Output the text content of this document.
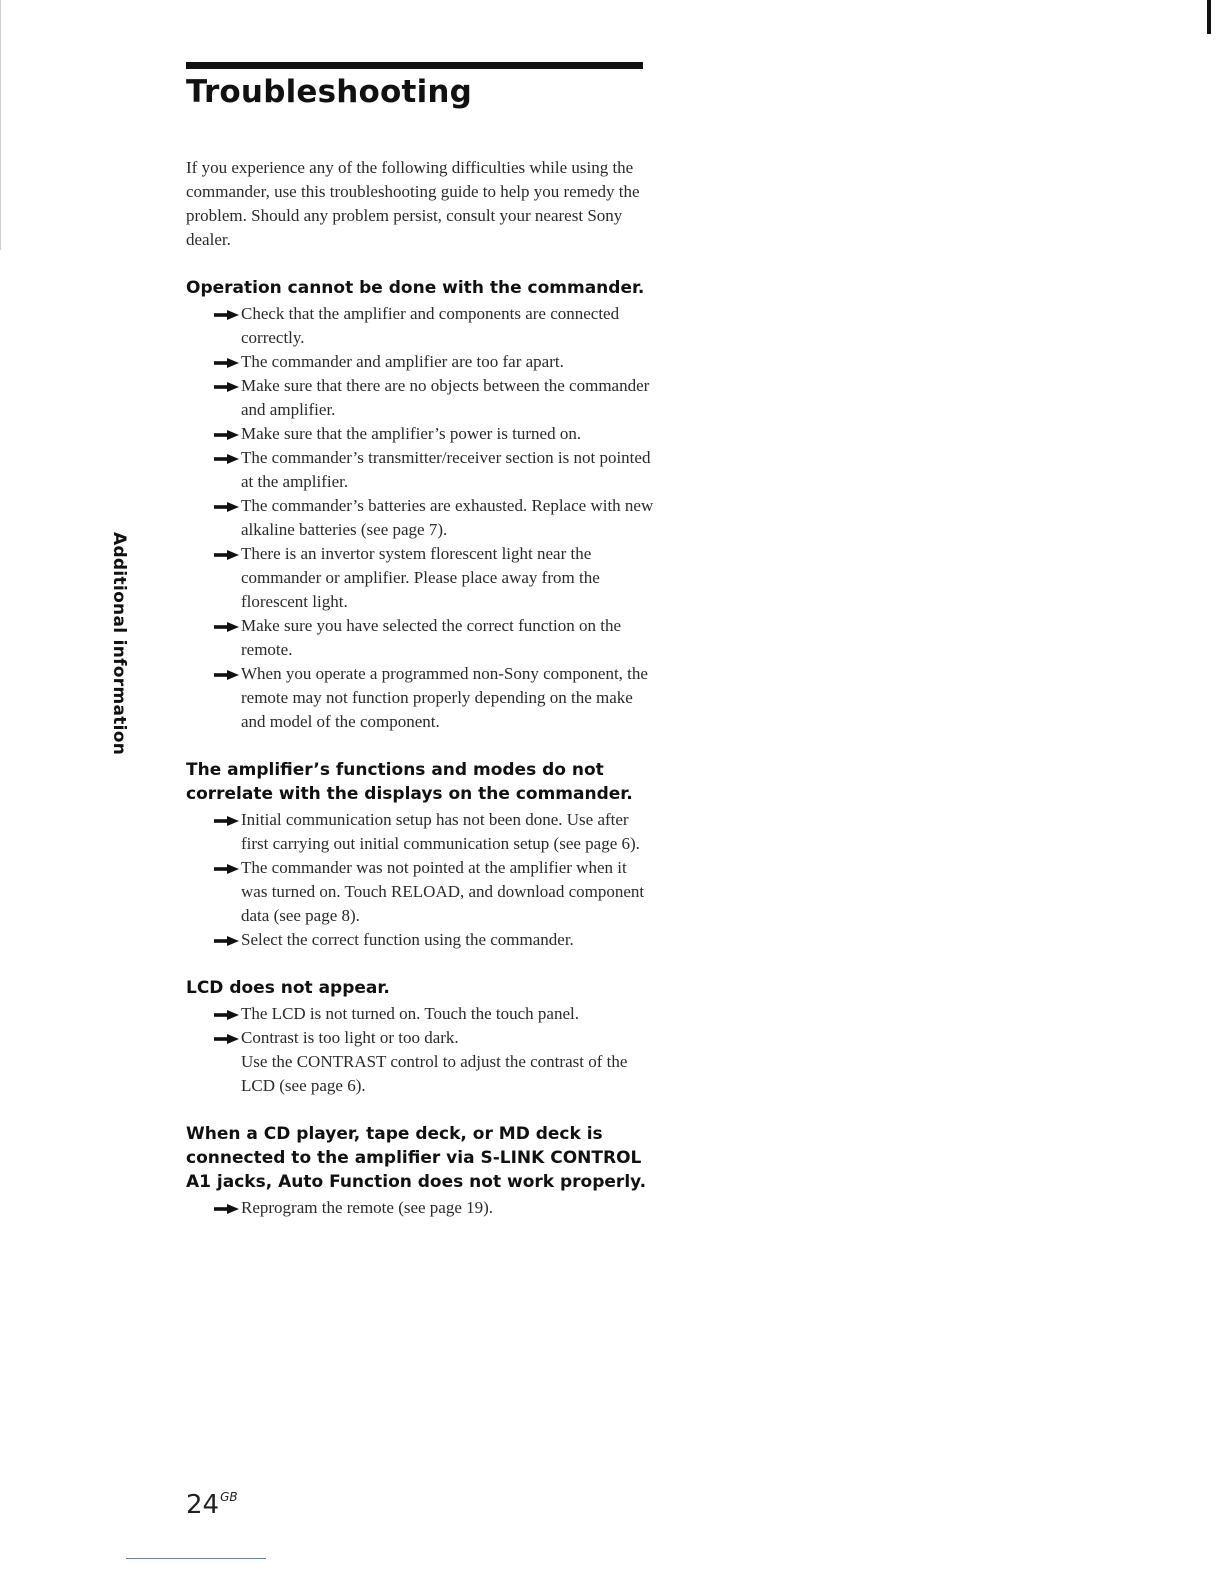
Troubleshooting
Additional information

If you experience any of the following difficulties while using the commander, use this troubleshooting guide to help you remedy the problem. Should any problem persist, consult your nearest Sony dealer.

Operation cannot be done with the commander.
Check that the amplifier and components are connected correctly.
The commander and amplifier are too far apart.
Make sure that there are no objects between the commander and amplifier.
Make sure that the amplifier’s power is turned on.
The commander’s transmitter/receiver section is not pointed at the amplifier.
The commander’s batteries are exhausted. Replace with new alkaline batteries (see page 7).
There is an invertor system florescent light near the commander or amplifier. Please place away from the florescent light.
Make sure you have selected the correct function on the remote.
When you operate a programmed non-Sony component, the remote may not function properly depending on the make and model of the component.
The amplifier’s functions and modes do not correlate with the displays on the commander.
Initial communication setup has not been done. Use after first carrying out initial communication setup (see page 6).
The commander was not pointed at the amplifier when it was turned on. Touch RELOAD, and download component data (see page 8).
Select the correct function using the commander.
LCD does not appear.
The LCD is not turned on. Touch the touch panel.
Contrast is too light or too dark.
Use the CONTRAST control to adjust the contrast of the LCD (see page 6).
When a CD player, tape deck, or MD deck is connected to the amplifier via S-LINK CONTROL A1 jacks, Auto Function does not work properly.
Reprogram the remote (see page 19).
$24^{GB}$
